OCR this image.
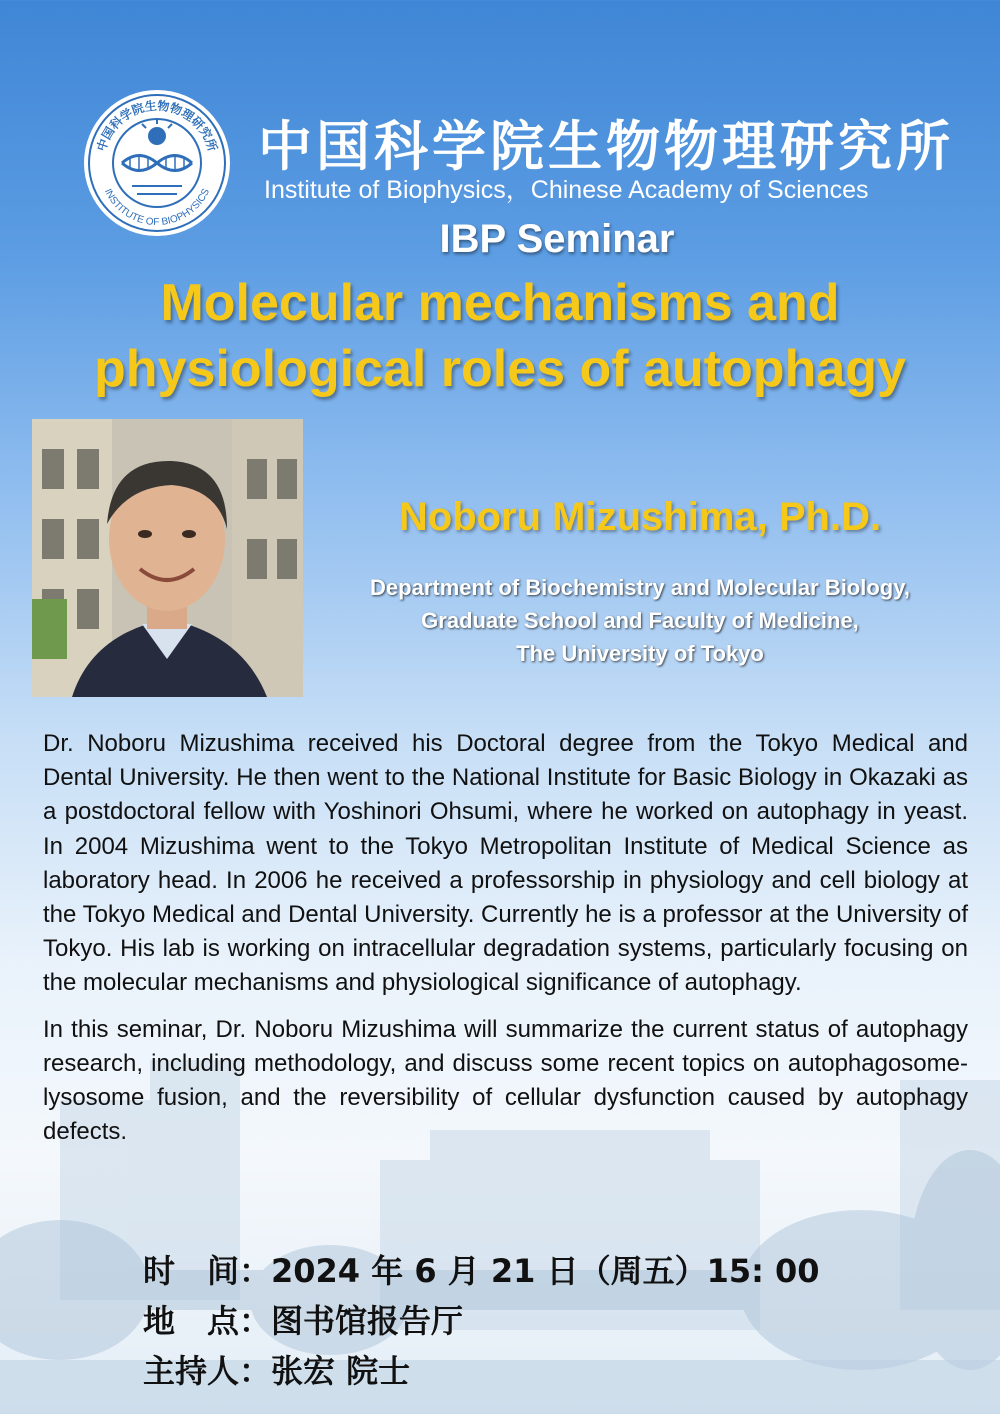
中国科学院生物物理研究所
INSTITUTE OF BIOPHYSICS
中国科学院生物物理研究所
Institute of Biophysics，Chinese Academy of Sciences
IBP Seminar
Molecular mechanisms and
physiological roles of autophagy
Noboru Mizushima, Ph.D.
Department of Biochemistry and Molecular Biology,
Graduate School and Faculty of Medicine,
The University of Tokyo

Dr. Noboru Mizushima received his Doctoral degree from the Tokyo Medical and Dental University. He then went to the National Institute for Basic Biology in Okazaki as a postdoctoral fellow with Yoshinori Ohsumi, where he worked on autophagy in yeast. In 2004 Mizushima went to the Tokyo Metropolitan Institute of Medical Science as laboratory head. In 2006 he received a professorship in physiology and cell biology at the Tokyo Medical and Dental University. Currently he is a professor at the University of Tokyo. His lab is working on intracellular degradation systems, particularly focusing on the molecular mechanisms and physiological significance of autophagy.

In this seminar, Dr. Noboru Mizushima will summarize the current status of autophagy research, including methodology, and discuss some recent topics on autophagosome-lysosome fusion, and the reversibility of cellular dysfunction caused by autophagy defects.

时　间：2024 年 6 月 21 日（周五）15: 00
地　点：图书馆报告厅
主持人：张宏 院士
